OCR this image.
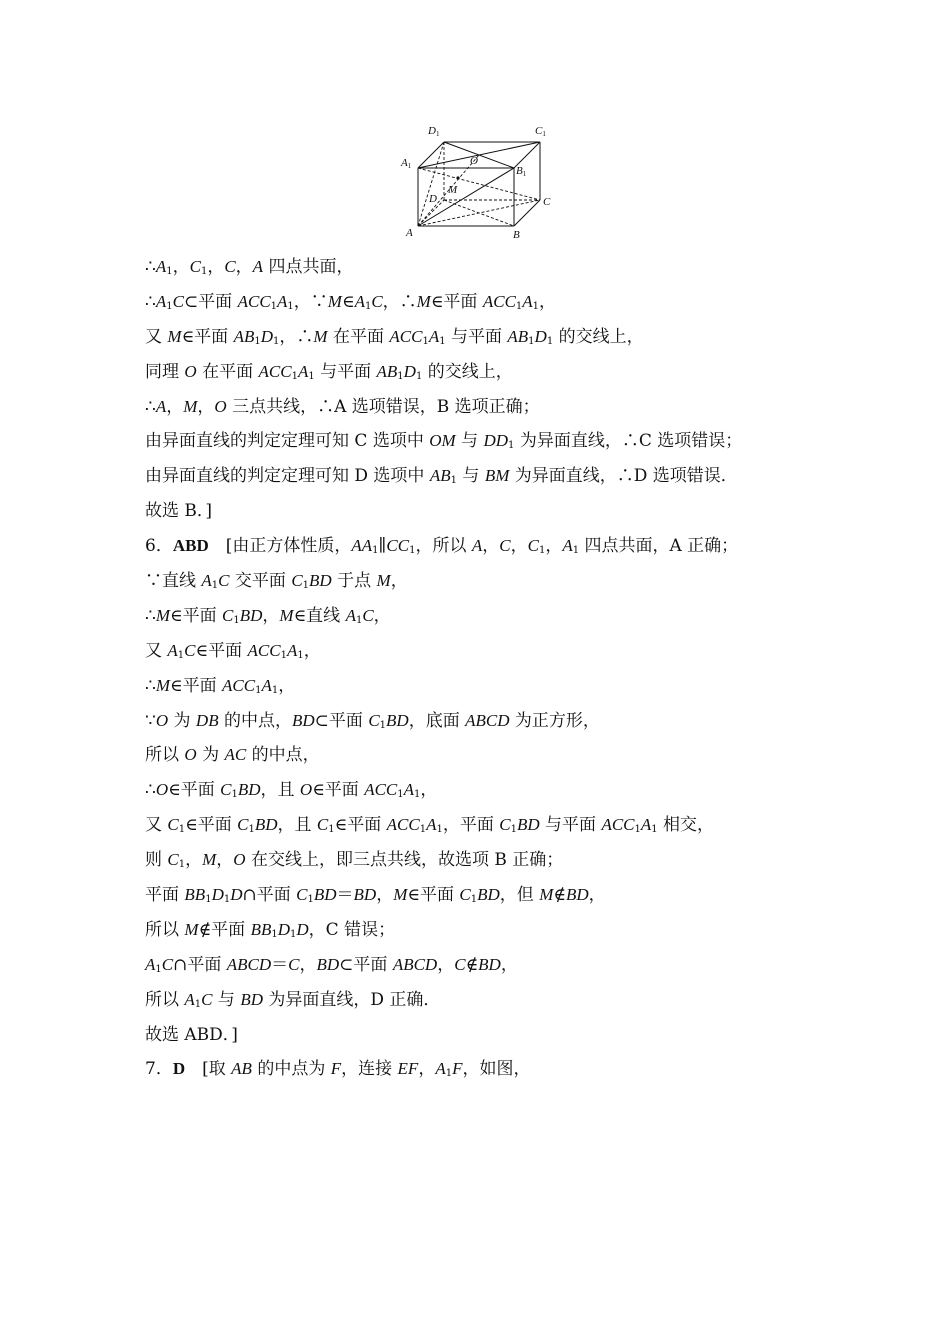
D1	C1
A1	O
B1
M
D	C
A	B
$\therefore A_1$，$C_1$，C，A 四点共面，
$\therefore A_1C\subset$平面 $ACC_1A_1$，$\because M\in A_1C$，∴M∈平面 $ACC_1A_1$，
又 M∈平面 $AB_1D_1$，∴M 在平面 $ACC_1A_1$ 与平面 $AB_1D_1$ 的交线上，
同理 O 在平面 $ACC_1A_1$ 与平面 $AB_1D_1$ 的交线上，
∴A，M，O 三点共线，∴A 选项错误，B 选项正确；
由异面直线的判定定理可知 C 选项中 OM 与 $DD_1$ 为异面直线，∴C 选项错误；
由异面直线的判定定理可知 D 选项中 $AB_1$ 与 BM 为异面直线，∴D 选项错误．
故选 B．]
6．ABD　[由正方体性质，$AA_1\parallel CC_1$，所以 A，C，$C_1$，$A_1$ 四点共面，A 正确；
∵直线 $A_1C$ 交平面 $C_1BD$ 于点 M，
∴M∈平面 $C_1BD$，M∈直线 $A_1C$，
又 $A_1C\in$平面 $ACC_1A_1$，
∴M∈平面 $ACC_1A_1$，
∵O 为 DB 的中点，BD⊂平面 $C_1BD$，底面 ABCD 为正方形，
所以 O 为 AC 的中点，
∴O∈平面 $C_1BD$，且 O∈平面 $ACC_1A_1$，
又 $C_1\in$平面 $C_1BD$，且 $C_1\in$平面 $ACC_1A_1$，平面 $C_1BD$ 与平面 $ACC_1A_1$ 相交，
则 $C_1$，M，O 在交线上，即三点共线，故选项 B 正确；
平面 $BB_1D_1D\cap$平面 $C_1BD=BD$，M∈平面 $C_1BD$，但 M∉BD，
所以 M∉平面 $BB_1D_1D$，C 错误；
$A_1C\cap$平面 ABCD＝C，BD⊂平面 ABCD，C∉BD，
所以 $A_1C$ 与 BD 为异面直线，D 正确．
故选 ABD．]
7．D　[取 AB 的中点为 F，连接 EF，$A_1F$，如图，
